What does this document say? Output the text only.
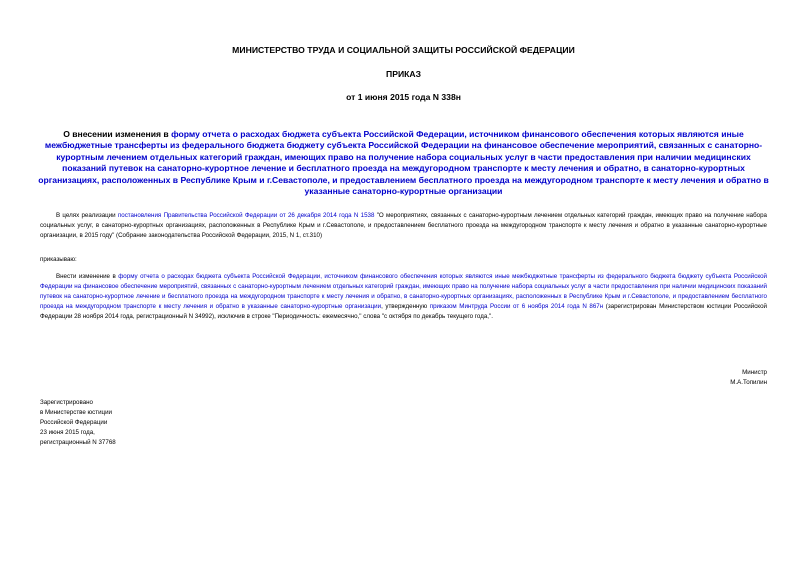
МИНИСТЕРСТВО ТРУДА И СОЦИАЛЬНОЙ ЗАЩИТЫ РОССИЙСКОЙ ФЕДЕРАЦИИ
ПРИКАЗ
от 1 июня 2015 года N 338н
О внесении изменения в форму отчета о расходах бюджета субъекта Российской Федерации, источником финансового обеспечения которых являются иные межбюджетные трансферты из федерального бюджета бюджету субъекта Российской Федерации на финансовое обеспечение мероприятий, связанных с санаторно-курортным лечением отдельных категорий граждан, имеющих право на получение набора социальных услуг в части предоставления при наличии медицинских показаний путевок на санаторно-курортное лечение и бесплатного проезда на междугородном транспорте к месту лечения и обратно, в санаторно-курортных организациях, расположенных в Республике Крым и г.Севастополе, и предоставлением бесплатного проезда на междугородном транспорте к месту лечения и обратно в указанные санаторно-курортные организации
В целях реализации постановления Правительства Российской Федерации от 26 декабря 2014 года N 1538 "О мероприятиях, связанных с санаторно-курортным лечением отдельных категорий граждан, имеющих право на получение набора социальных услуг, в санаторно-курортных организациях, расположенных в Республике Крым и г.Севастополе, и предоставлением бесплатного проезда на междугородном транспорте к месту лечения и обратно в указанные санаторно-курортные организации, в 2015 году" (Собрание законодательства Российской Федерации, 2015, N 1, ст.310)
приказываю:
Внести изменение в форму отчета о расходах бюджета субъекта Российской Федерации, источником финансового обеспечения которых являются иные межбюджетные трансферты из федерального бюджета бюджету субъекта Российской Федерации на финансовое обеспечение мероприятий, связанных с санаторно-курортным лечением отдельных категорий граждан, имеющих право на получение набора социальных услуг в части предоставления при наличии медицинских показаний путевок на санаторно-курортное лечение и бесплатного проезда на междугородном транспорте к месту лечения и обратно, в санаторно-курортных организациях, расположенных в Республике Крым и г.Севастополе, и предоставлением бесплатного проезда на междугородном транспорте к месту лечения и обратно в указанные санаторно-курортные организации, утвержденную приказом Минтруда России от 6 ноября 2014 года N 867н (зарегистрирован Министерством юстиции Российской Федерации 28 ноября 2014 года, регистрационный N 34992), исключив в строке "Периодичность: ежемесячно," слова "с октября по декабрь текущего года,".
Министр
М.А.Топилин
Зарегистрировано
в Министерстве юстиции
Российской Федерации
23 июня 2015 года,
регистрационный N 37768
